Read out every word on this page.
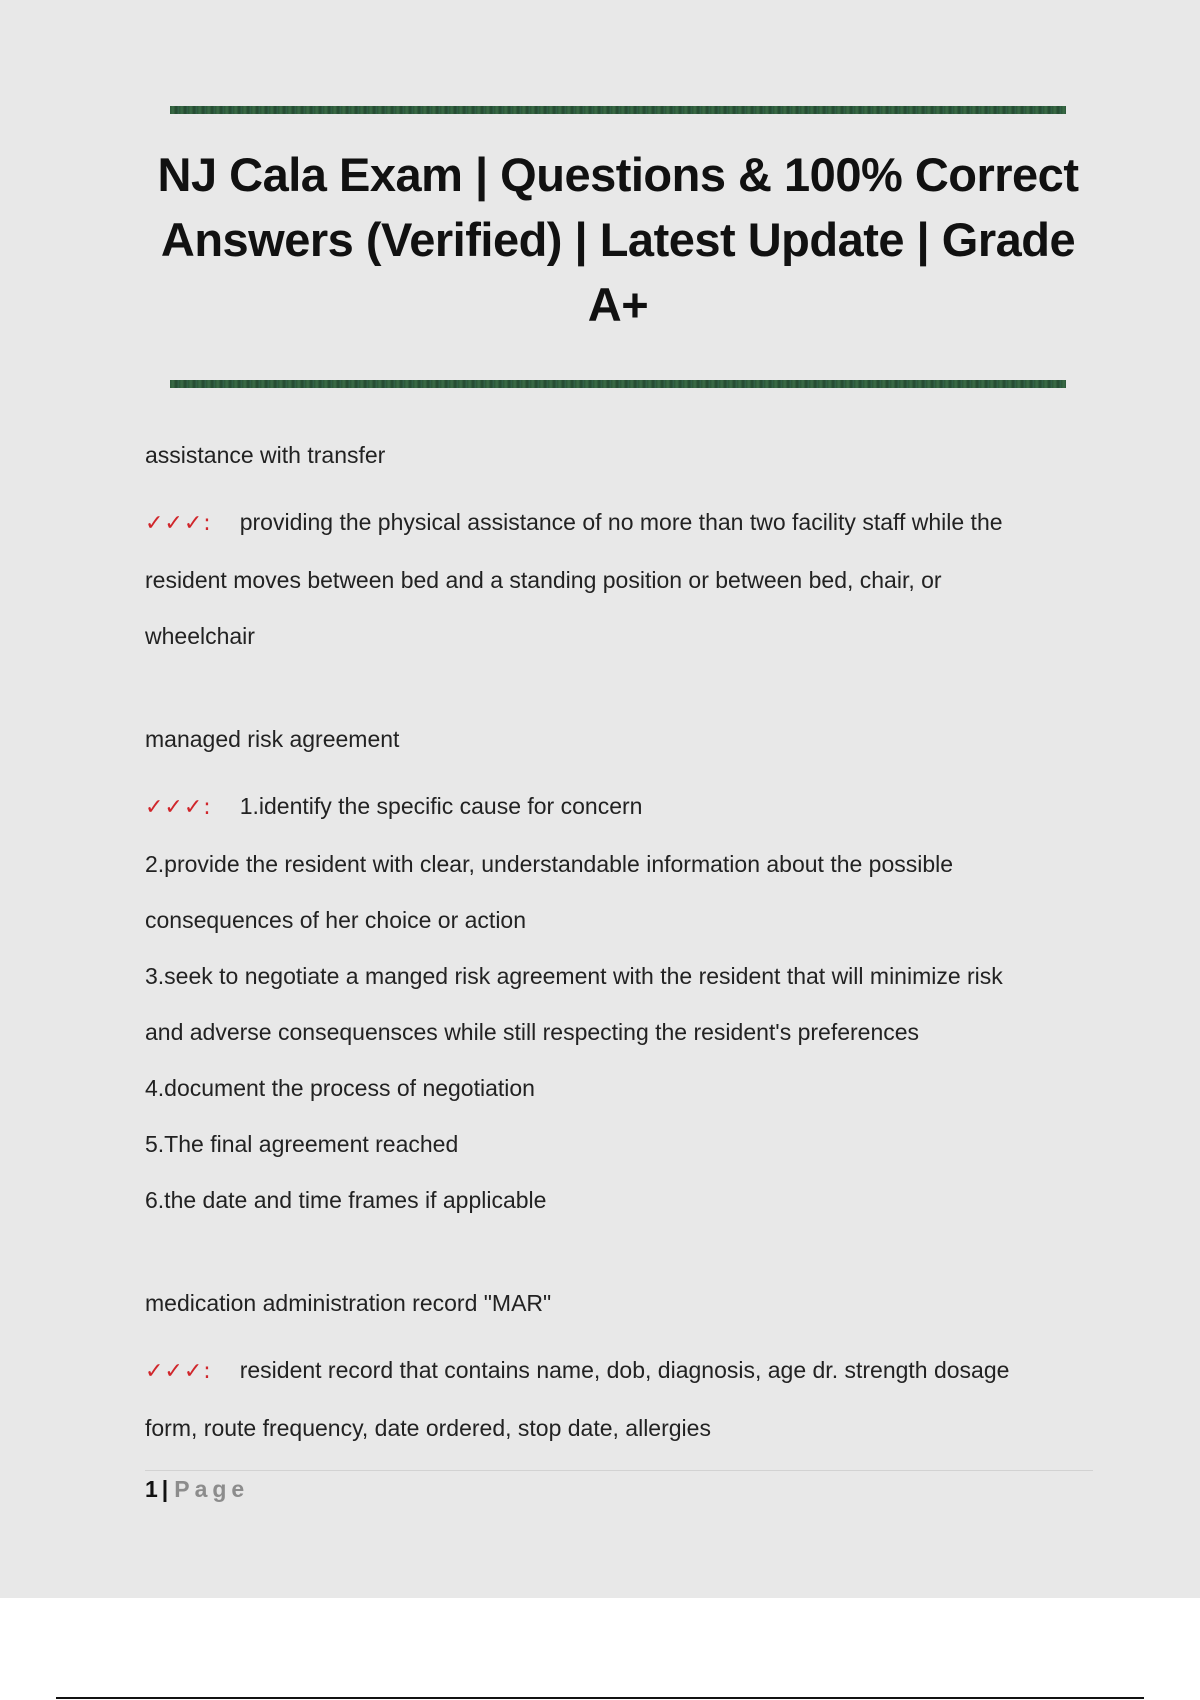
NJ Cala Exam | Questions & 100% Correct Answers (Verified) | Latest Update | Grade A+

assistance with transfer

✓✓✓: providing the physical assistance of no more than two facility staff while the

resident moves between bed and a standing position or between bed, chair, or

wheelchair

managed risk agreement

✓✓✓: 1.identify the specific cause for concern

2.provide the resident with clear, understandable information about the possible

consequences of her choice or action

3.seek to negotiate a manged risk agreement with the resident that will minimize risk

and adverse consequensces while still respecting the resident's preferences

4.document the process of negotiation

5.The final agreement reached

6.the date and time frames if applicable

medication administration record "MAR"

✓✓✓: resident record that contains name, dob, diagnosis, age dr. strength dosage

form, route frequency, date ordered, stop date, allergies

1 | Page
